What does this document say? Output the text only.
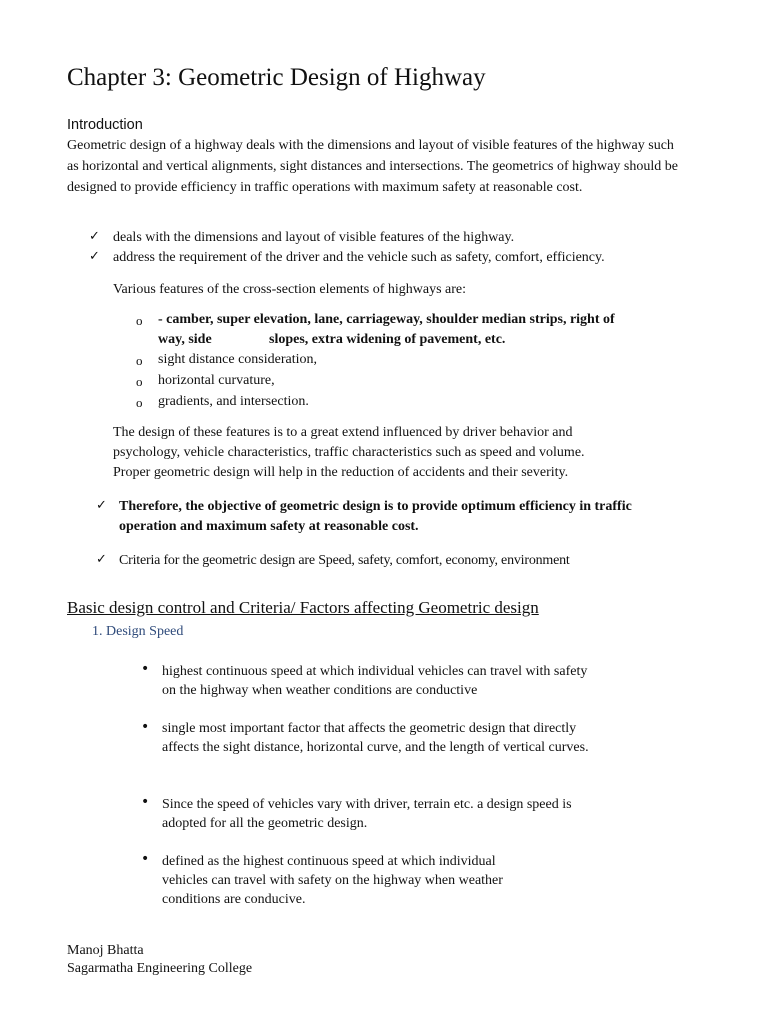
Chapter 3: Geometric Design of Highway
Introduction
Geometric design of a highway deals with the dimensions and layout of visible features of the highway such as horizontal and vertical alignments, sight distances and intersections. The geometrics of highway should be designed to provide efficiency in traffic operations with maximum safety at reasonable cost.
✓ deals with the dimensions and layout of visible features of the highway.
✓ address the requirement of the driver and the vehicle such as safety, comfort, efficiency.
Various features of the cross-section elements of highways are:
o - camber, super elevation, lane, carriageway, shoulder median strips, right of
way, side	slopes, extra widening of pavement, etc.
o sight distance consideration,
o horizontal curvature,
o gradients, and intersection.
The design of these features is to a great extend influenced by driver behavior and
psychology, vehicle characteristics, traffic characteristics such as speed and volume.
Proper geometric design will help in the reduction of accidents and their severity.
✓ Therefore, the objective of geometric design is to provide optimum efficiency in traffic
operation and maximum safety at reasonable cost.
✓ Criteria for the geometric design are Speed, safety, comfort, economy, environment
Basic design control and Criteria/ Factors affecting Geometric design
1. Design Speed
• highest continuous speed at which individual vehicles can travel with safety on the highway when weather conditions are conductive
• single most important factor that affects the geometric design that directly affects the sight distance, horizontal curve, and the length of vertical curves.
• Since the speed of vehicles vary with driver, terrain etc. a design speed is adopted for all the geometric design.
• defined as the highest continuous speed at which individual vehicles can travel with safety on the highway when weather conditions are conducive.
Manoj Bhatta
Sagarmatha Engineering College
